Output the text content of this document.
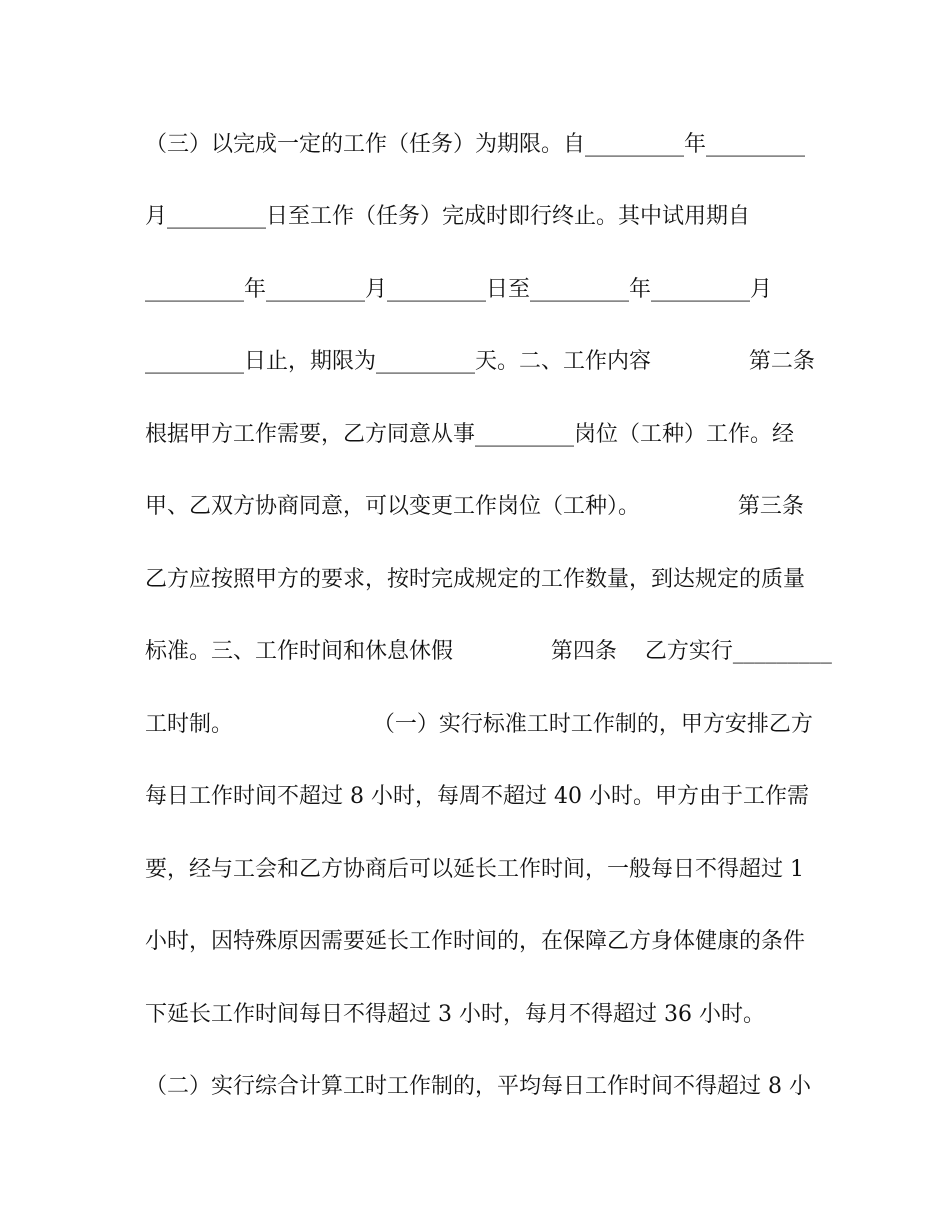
（三）以完成一定的工作（任务）为期限。自_________年_________
月_________日至工作（任务）完成时即行终止。其中试用期自
_________年_________月_________日至_________年_________月
_________日止，期限为_________天。二、工作内容              第二条
根据甲方工作需要，乙方同意从事_________岗位（工种）工作。经
甲、乙双方协商同意，可以变更工作岗位（工种）。              第三条
乙方应按照甲方的要求，按时完成规定的工作数量，到达规定的质量
标准。三、工作时间和休息休假              第四条    乙方实行_________
工时制。                    （一）实行标准工时工作制的，甲方安排乙方
每日工作时间不超过 8 小时，每周不超过 40 小时。甲方由于工作需
要，经与工会和乙方协商后可以延长工作时间，一般每日不得超过 1
小时，因特殊原因需要延长工作时间的，在保障乙方身体健康的条件
下延长工作时间每日不得超过 3 小时，每月不得超过 36 小时。
（二）实行综合计算工时工作制的，平均每日工作时间不得超过 8 小
